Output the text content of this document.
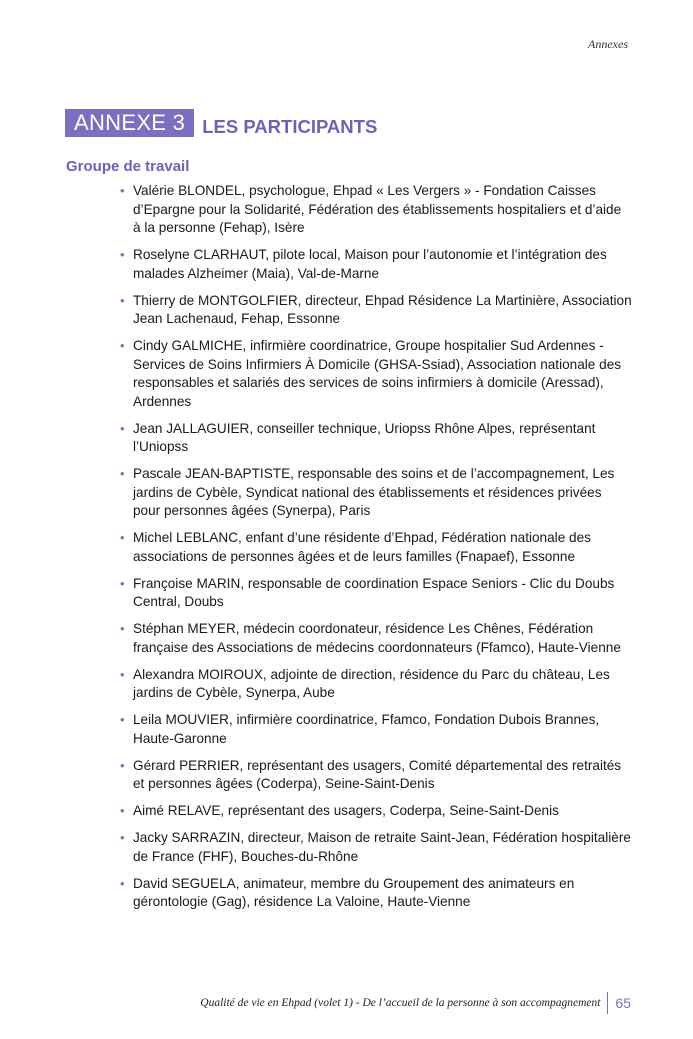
Annexes
ANNEXE 3 LES PARTICIPANTS
Groupe de travail
• Valérie BLONDEL, psychologue, Ehpad « Les Vergers » - Fondation Caisses d’Epargne pour la Solidarité, Fédération des établissements hospitaliers et d’aide à la personne (Fehap), Isère
• Roselyne CLARHAUT, pilote local, Maison pour l’autonomie et l’intégration des malades Alzheimer (Maia), Val-de-Marne
• Thierry de MONTGOLFIER, directeur, Ehpad Résidence La Martinière, Association Jean Lachenaud, Fehap, Essonne
• Cindy GALMICHE, infirmière coordinatrice, Groupe hospitalier Sud Ardennes - Services de Soins Infirmiers À Domicile (GHSA-Ssiad), Association nationale des responsables et salariés des services de soins infirmiers à domicile (Aressad), Ardennes
• Jean JALLAGUIER, conseiller technique, Uriopss Rhône Alpes, représentant l’Uniopss
• Pascale JEAN-BAPTISTE, responsable des soins et de l’accompagnement, Les jardins de Cybèle, Syndicat national des établissements et résidences privées pour personnes âgées (Synerpa), Paris
• Michel LEBLANC, enfant d’une résidente d’Ehpad, Fédération nationale des associations de personnes âgées et de leurs familles (Fnapaef), Essonne
• Françoise MARIN, responsable de coordination Espace Seniors - Clic du Doubs Central, Doubs
• Stéphan MEYER, médecin coordonateur, résidence Les Chênes, Fédération française des Associations de médecins coordonnateurs (Ffamco), Haute-Vienne
• Alexandra MOIROUX, adjointe de direction, résidence du Parc du château, Les jardins de Cybèle, Synerpa, Aube
• Leila MOUVIER, infirmière coordinatrice, Ffamco, Fondation Dubois Brannes, Haute-Garonne
• Gérard PERRIER, représentant des usagers, Comité départemental des retraités et personnes âgées (Coderpa), Seine-Saint-Denis
• Aimé RELAVE, représentant des usagers, Coderpa, Seine-Saint-Denis
• Jacky SARRAZIN, directeur, Maison de retraite Saint-Jean, Fédération hospitalière de France (FHF), Bouches-du-Rhône
• David SEGUELA, animateur, membre du Groupement des animateurs en gérontologie (Gag), résidence La Valoine, Haute-Vienne
Qualité de vie en Ehpad (volet 1) - De l’accueil de la personne à son accompagnement	65
